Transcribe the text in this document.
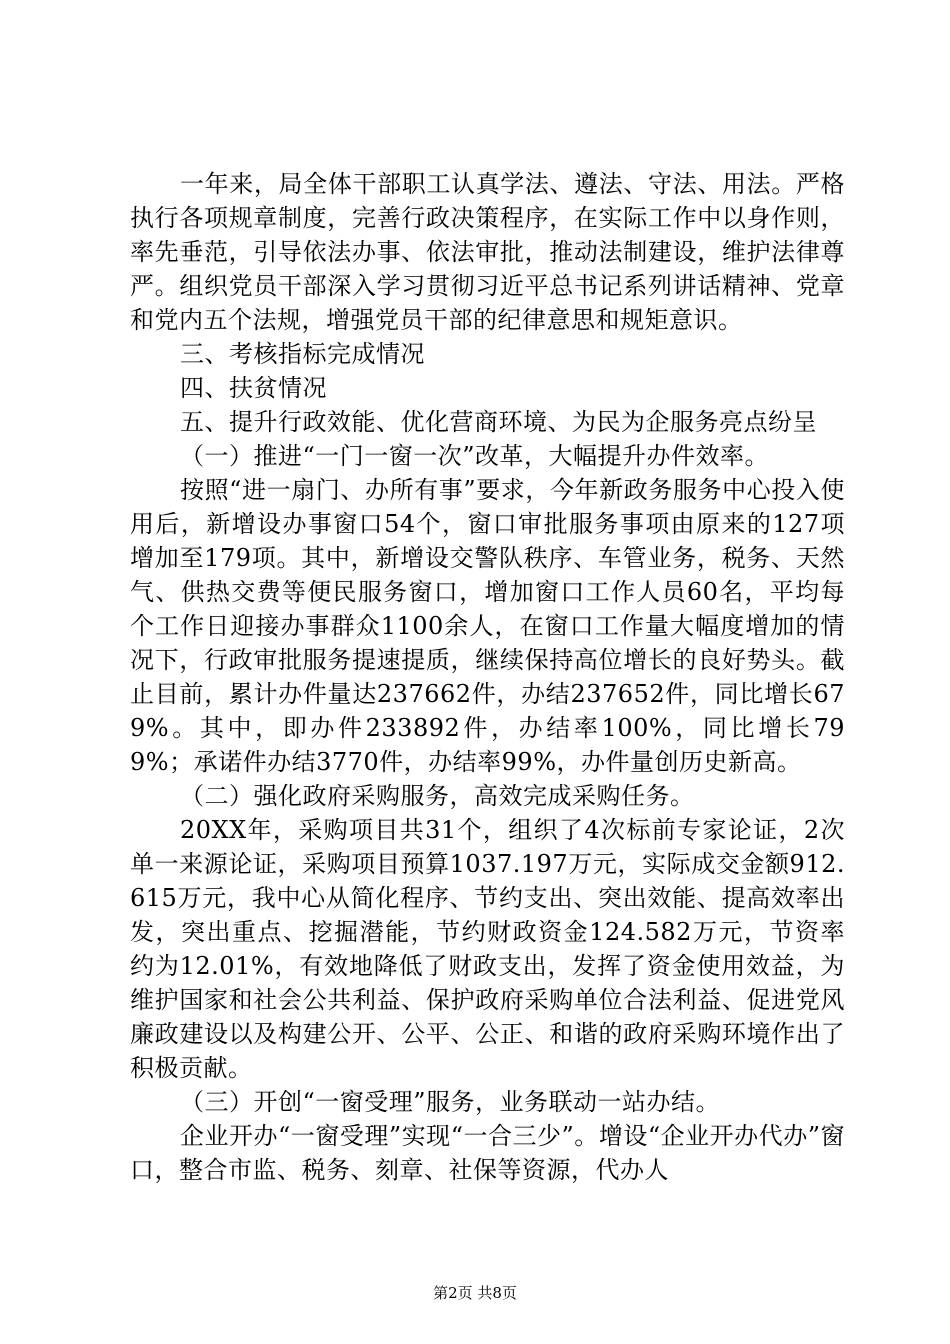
一年来，局全体干部职工认真学法、遵法、守法、用法。严格执行各项规章制度，完善行政决策程序，在实际工作中以身作则，率先垂范，引导依法办事、依法审批，推动法制建设，维护法律尊严。组织党员干部深入学习贯彻习近平总书记系列讲话精神、党章和党内五个法规，增强党员干部的纪律意思和规矩意识。

三、考核指标完成情况

四、扶贫情况

五、提升行政效能、优化营商环境、为民为企服务亮点纷呈

（一）推进“一门一窗一次”改革，大幅提升办件效率。

按照“进一扇门、办所有事”要求，今年新政务服务中心投入使用后，新增设办事窗口54个，窗口审批服务事项由原来的127项增加至179项。其中，新增设交警队秩序、车管业务，税务、天然气、供热交费等便民服务窗口，增加窗口工作人员60名，平均每个工作日迎接办事群众1100余人，在窗口工作量大幅度增加的情况下，行政审批服务提速提质，继续保持高位增长的良好势头。截止目前，累计办件量达237662件，办结237652件，同比增长679%。其中，即办件233892件，办结率100%，同比增长799%；承诺件办结3770件，办结率99%，办件量创历史新高。

（二）强化政府采购服务，高效完成采购任务。

20XX年，采购项目共31个，组织了4次标前专家论证，2次单一来源论证，采购项目预算1037.197万元，实际成交金额912.615万元，我中心从简化程序、节约支出、突出效能、提高效率出发，突出重点、挖掘潜能，节约财政资金124.582万元，节资率约为12.01%，有效地降低了财政支出，发挥了资金使用效益，为维护国家和社会公共利益、保护政府采购单位合法利益、促进党风廉政建设以及构建公开、公平、公正、和谐的政府采购环境作出了积极贡献。

（三）开创“一窗受理”服务，业务联动一站办结。

企业开办“一窗受理”实现“一合三少”。增设“企业开办代办”窗口，整合市监、税务、刻章、社保等资源，代办人

第2页 共8页
